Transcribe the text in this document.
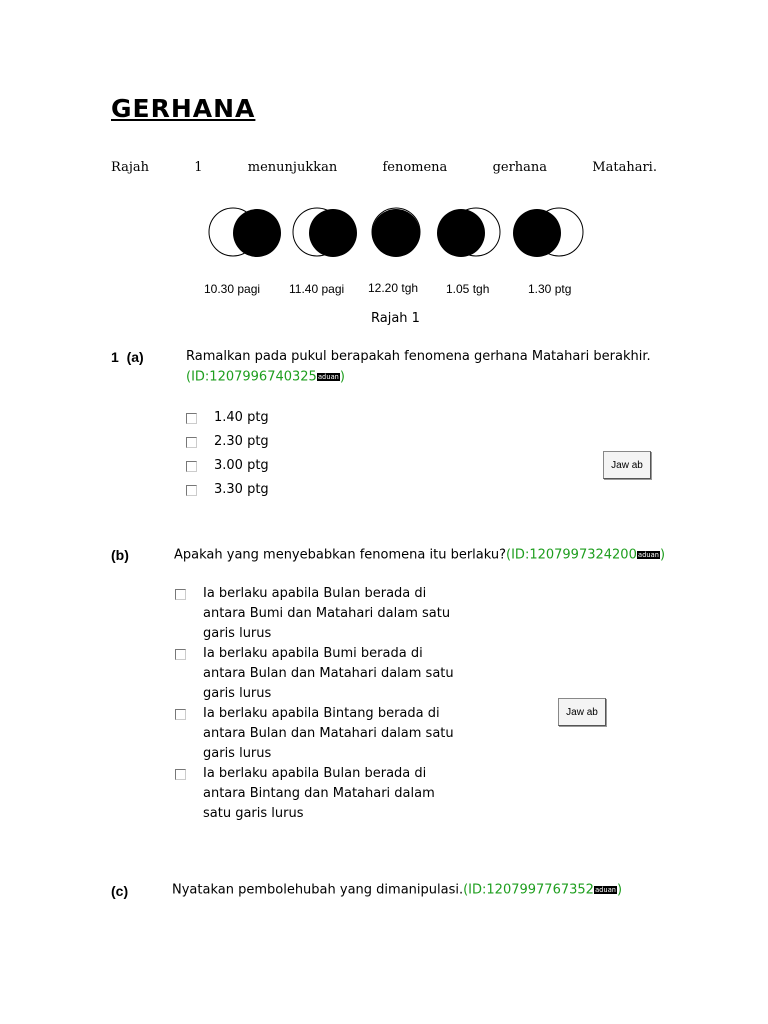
GERHANA
Rajah	1	menunjukkan	fenomena	gerhana	Matahari.
10.30 pagi 11.40 pagi 12.20 tgh 1.05 tgh	1.30 ptg
Rajah 1
1  (a)	Ramalkan pada pukul berapakah fenomena gerhana Matahari berakhir.
(ID:1207996740325aduan)
1.40 ptg
2.30 ptg
3.00 ptg
3.30 ptg
Jaw ab
(b)	Apakah yang menyebabkan fenomena itu berlaku?(ID:1207997324200aduan)
Ia berlaku apabila Bulan berada di
antara Bumi dan Matahari dalam satu
garis lurus
Ia berlaku apabila Bumi berada di
antara Bulan dan Matahari dalam satu
garis lurus
Ia berlaku apabila Bintang berada di
antara Bulan dan Matahari dalam satu
garis lurus
Ia berlaku apabila Bulan berada di
antara Bintang dan Matahari dalam
satu garis lurus
Jaw ab
(c)	Nyatakan pembolehubah yang dimanipulasi.(ID:1207997767352aduan)
